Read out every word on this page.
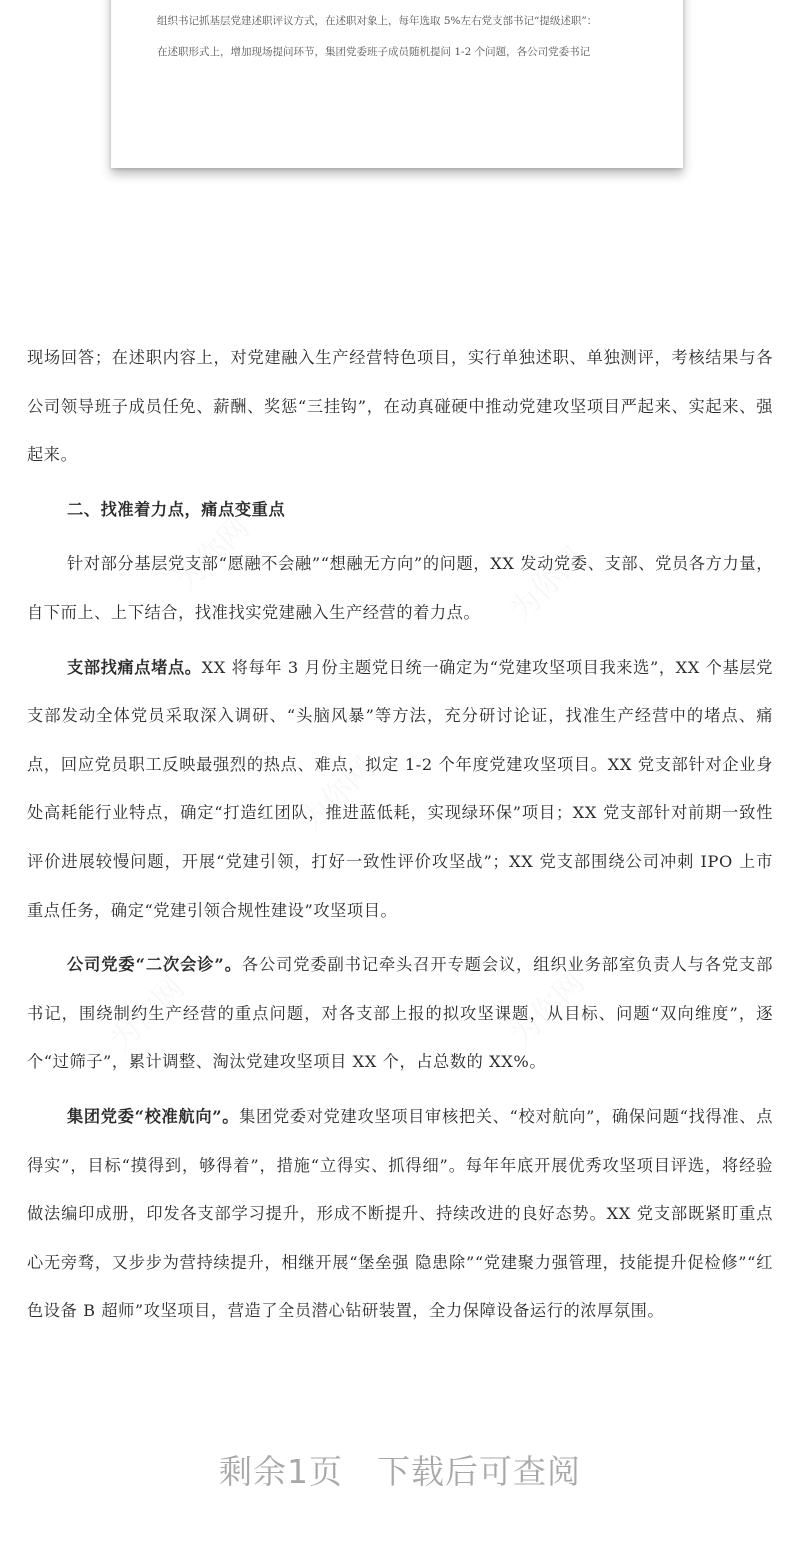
组织书记抓基层党建述职评议方式，在述职对象上，每年选取 5%左右党支部书记“提级述职”：
在述职形式上，增加现场提问环节，集团党委班子成员随机提问 1-2 个问题，各公司党委书记
为你网	为你网
为你网
为你网	为你网

现场回答；在述职内容上，对党建融入生产经营特色项目，实行单独述职、单独测评，考核结果与各公司领导班子成员任免、薪酬、奖惩“三挂钩”，在动真碰硬中推动党建攻坚项目严起来、实起来、强起来。

二、找准着力点，痛点变重点

针对部分基层党支部“愿融不会融”“想融无方向”的问题，XX 发动党委、支部、党员各方力量，自下而上、上下结合，找准找实党建融入生产经营的着力点。

支部找痛点堵点。XX 将每年 3 月份主题党日统一确定为“党建攻坚项目我来选”，XX 个基层党支部发动全体党员采取深入调研、“头脑风暴”等方法，充分研讨论证，找准生产经营中的堵点、痛点，回应党员职工反映最强烈的热点、难点，拟定 1-2 个年度党建攻坚项目。XX 党支部针对企业身处高耗能行业特点，确定“打造红团队，推进蓝低耗，实现绿环保”项目；XX 党支部针对前期一致性评价进展较慢问题，开展“党建引领，打好一致性评价攻坚战”；XX 党支部围绕公司冲刺 IPO 上市重点任务，确定“党建引领合规性建设”攻坚项目。

公司党委“二次会诊”。各公司党委副书记牵头召开专题会议，组织业务部室负责人与各党支部书记，围绕制约生产经营的重点问题，对各支部上报的拟攻坚课题，从目标、问题“双向维度”，逐个“过筛子”，累计调整、淘汰党建攻坚项目 XX 个，占总数的 XX%。

集团党委“校准航向”。集团党委对党建攻坚项目审核把关、“校对航向”，确保问题“找得准、点得实”，目标“摸得到，够得着”，措施“立得实、抓得细”。每年年底开展优秀攻坚项目评选，将经验做法编印成册，印发各支部学习提升，形成不断提升、持续改进的良好态势。XX 党支部既紧盯重点心无旁骛，又步步为营持续提升，相继开展“堡垒强 隐患除”“党建聚力强管理，技能提升促检修”“红色设备 B 超师”攻坚项目，营造了全员潜心钻研装置，全力保障设备运行的浓厚氛围。

剩余1页 下载后可查阅
